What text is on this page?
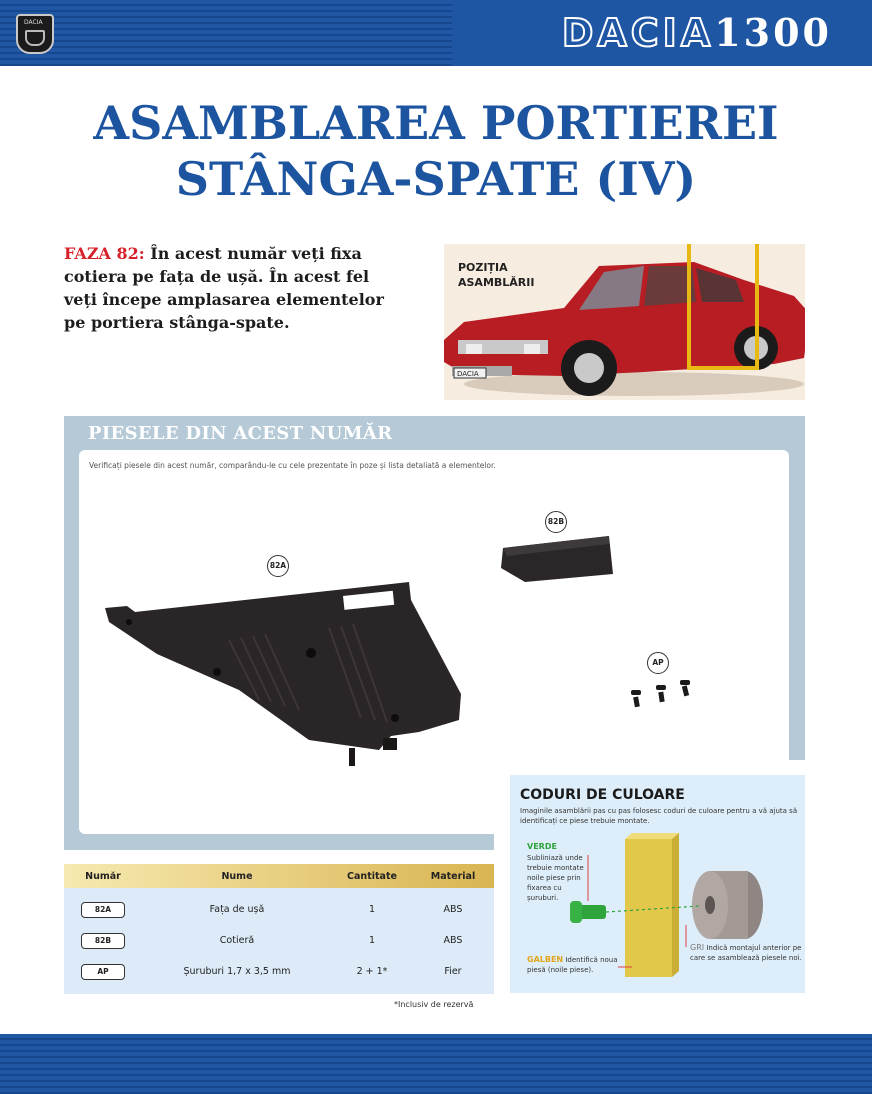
DACIA	DACIA1300
ASAMBLAREA PORTIEREI
STÂNGA-SPATE (IV)
FAZA 82: În acest număr veți fixa cotiera pe fața de ușă. În acest fel veți începe amplasarea elementelor pe portiera stânga-spate.
DACIA
POZIȚIA
ASAMBLĂRII
PIESELE DIN ACEST NUMĂR
Verificați piesele din acest număr, comparându-le cu cele prezentate în poze și lista detaliată a elementelor.
82A
82B
AP
CODURI DE CULOARE
Imaginile asamblării pas cu pas folosesc coduri de culoare pentru a vă ajuta să identificați ce piese trebuie montate.
VERDE
Subliniază unde trebuie montate noile piese prin fixarea cu șuruburi.
GALBEN Identifică noua piesă (noile piese).
GRI Indică montajul anterior pe care se asamblează piesele noi.
Număr	Nume	Cantitate	Material
82A	Fața de ușă	1	ABS
82B	Cotieră	1	ABS
AP	Șuruburi 1,7 x 3,5 mm	2 + 1*	Fier
*Inclusiv de rezervă
